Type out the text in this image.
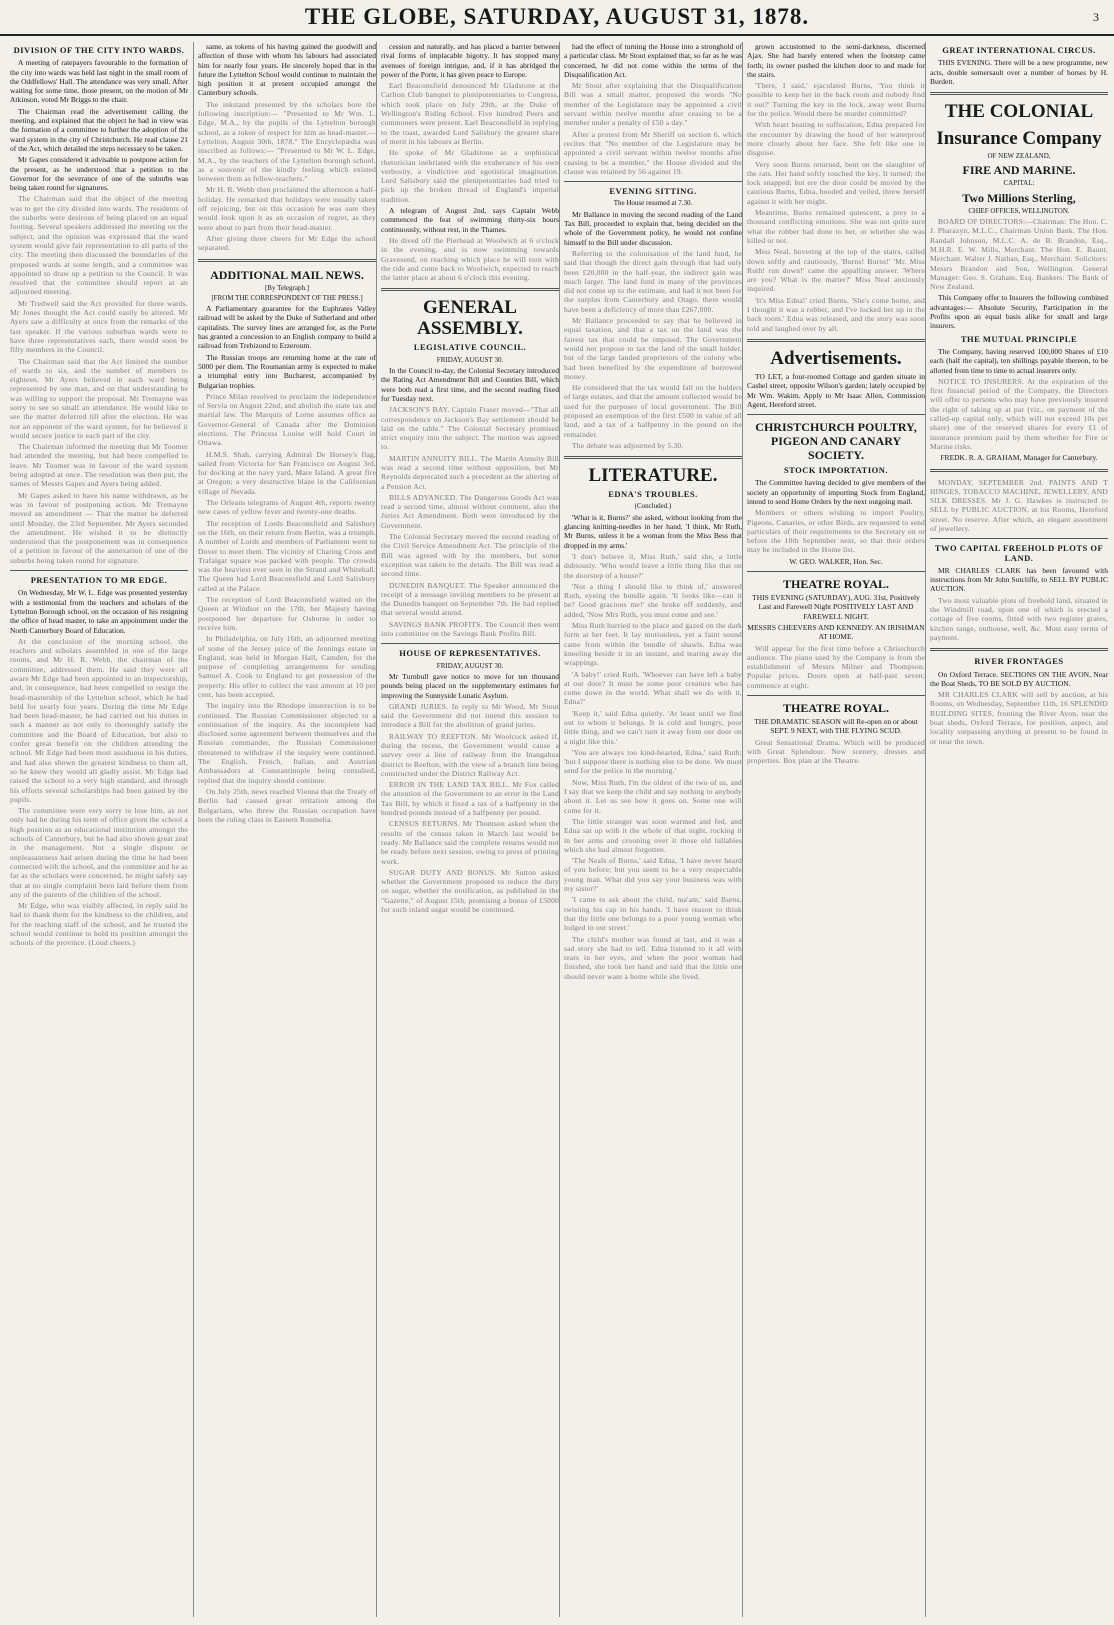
THE GLOBE, SATURDAY, AUGUST 31, 1878.	3
DIVISION OF THE CITY INTO WARDS.

A meeting of ratepayers favourable to the formation of the city into wards was held last night in the small room of the Oddfellows' Hall. The attendance was very small. After waiting for some time, those present, on the motion of Mr Atkinson, voted Mr Briggs to the chair.

The Chairman read the advertisement calling the meeting, and explained that the object he had in view was the formation of a committee to further the adoption of the ward system in the city of Christchurch. He read clause 21 of the Act, which detailed the steps necessary to be taken.

Mr Gapes considered it advisable to postpone action for the present, as he understood that a petition to the Governor for the severance of one of the suburbs was being taken round for signatures.

The Chairman said that the object of the meeting was to get the city divided into wards. The residents of the suburbs were desirous of being placed on an equal footing. Several speakers addressed the meeting on the subject, and the opinion was expressed that the ward system would give fair representation to all parts of the city. The meeting then discussed the boundaries of the proposed wards at some length, and a committee was appointed to draw up a petition to the Council. It was resolved that the committee should report at an adjourned meeting.

Mr Tredwell said the Act provided for three wards. Mr Jones thought the Act could easily be altered. Mr Ayers saw a difficulty at once from the remarks of the last speaker. If the various suburban wards were to have three representatives each, there would soon be fifty members in the Council.

The Chairman said that the Act limited the number of wards to six, and the number of members to eighteen. Mr Ayers believed in each ward being represented by one man, and on that understanding he was willing to support the proposal. Mr Tremayne was sorry to see so small an attendance. He would like to see the matter deferred till after the election. He was not an opponent of the ward system, for he believed it would secure justice to each part of the city.

The Chairman informed the meeting that Mr Toomer had attended the meeting, but had been compelled to leave. Mr Toomer was in favour of the ward system being adopted at once. The resolution was then put, the names of Messrs Gapes and Ayers being added.

Mr Gapes asked to have his name withdrawn, as he was in favour of postponing action. Mr Tremayne moved an amendment — That the matter be deferred until Monday, the 23rd September. Mr Ayers seconded the amendment. He wished it to be distinctly understood that the postponement was in consequence of a petition in favour of the annexation of one of the suburbs being taken round for signature.

PRESENTATION TO MR EDGE.

On Wednesday, Mr W. L. Edge was presented yesterday with a testimonial from the teachers and scholars of the Lyttelton Borough school, on the occasion of his resigning the office of head master, to take an appointment under the North Canterbury Board of Education.

At the conclusion of the morning school, the teachers and scholars assembled in one of the large rooms, and Mr H. R. Webb, the chairman of the committee, addressed them. He said they were all aware Mr Edge had been appointed to an inspectorship, and, in consequence, had been compelled to resign the head-mastership of the Lyttelton school, which he had held for nearly four years. During the time Mr Edge had been head-master, he had carried out his duties in such a manner as not only to thoroughly satisfy the committee and the Board of Education, but also to confer great benefit on the children attending the school. Mr Edge had been most assiduous in his duties, and had also shown the greatest kindness to them all, so he knew they would all gladly assist. Mr Edge had raised the school to a very high standard, and through his efforts several scholarships had been gained by the pupils.

The committee were very sorry to lose him, as not only had he during his term of office given the school a high position as an educational institution amongst the schools of Canterbury, but he had also shown great zeal in the management. Not a single dispute or unpleasantness had arisen during the time he had been connected with the school, and the committee and he as far as the scholars were concerned, he might safely say that at no single complaint been laid before them from any of the parents of the children of the school.

Mr Edge, who was visibly affected, in reply said he had to thank them for the kindness to the children, and for the teaching staff of the school, and he trusted the school would continue to hold its position amongst the schools of the province. (Loud cheers.)

same, as tokens of his having gained the goodwill and affection of those with whom his labours had associated him for nearly four years. He sincerely hoped that in the future the Lyttelton School would continue to maintain the high position it at present occupied amongst the Canterbury schools.

The inkstand presented by the scholars bore the following inscription:— "Presented to Mr Wm. L. Edge, M.A., by the pupils of the Lyttelton borough school, as a token of respect for him as head-master.—Lyttelton, August 30th, 1878." The Encyclopædia was inscribed as follows:— "Presented to Mr W. L. Edge, M.A., by the teachers of the Lyttelton borough school, as a souvenir of the kindly feeling which existed between them as fellow-teachers."

Mr H. R. Webb then proclaimed the afternoon a half-holiday. He remarked that holidays were usually taken off rejoicing, but on this occasion he was sure they would look upon it as an occasion of regret, as they were about to part from their head-master.

After giving three cheers for Mr Edge the school separated.

ADDITIONAL MAIL NEWS.
[By Telegraph.]
[FROM THE CORRESPONDENT OF THE PRESS.]

A Parliamentary guarantee for the Euphrates Valley railroad will be asked by the Duke of Sutherland and other capitalists. The survey lines are arranged for, as the Porte has granted a concession to an English company to build a railroad from Trebizond to Erzeroum.

The Russian troops are returning home at the rate of 5000 per diem. The Roumanian army is expected to make a triumphal entry into Bucharest, accompanied by Bulgarian trophies.

Prince Milan resolved to proclaim the independence of Servia on August 22nd, and abolish the state tax and martial law. The Marquis of Lorne assumes office as Governor-General of Canada after the Dominion elections. The Princess Louise will hold Court in Ottawa.

H.M.S. Shah, carrying Admiral De Horsey's flag, sailed from Victoria for San Francisco on August 3rd, for docking at the navy yard, Mare Island. A great fire at Oregon; a very destructive blaze in the Californian village of Nevada.

The Orleans telegrams of August 4th, reports twenty new cases of yellow fever and twenty-one deaths.

The reception of Lords Beaconsfield and Salisbury on the 16th, on their return from Berlin, was a triumph. A number of Lords and members of Parliament went to Dover to meet them. The vicinity of Charing Cross and Trafalgar square was packed with people. The crowds was the heaviest ever seen in the Strand and Whitehall. The Queen had Lord Beaconsfield and Lord Salisbury called at the Palace.

The reception of Lord Beaconsfield waited on the Queen at Windsor on the 17th, her Majesty having postponed her departure for Osborne in order to receive him.

In Philadelphia, on July 16th, an adjourned meeting of some of the Jersey juice of the Jennings estate in England, was held in Morgan Hall, Camden, for the purpose of completing arrangements for sending Samuel A. Cook to England to get possession of the property. His offer to collect the vast amount at 10 per cent, has been accepted.

The inquiry into the Rhodope insurrection is to be continued. The Russian Commissioner objected to a continuation of the inquiry. As the incomplete had disclosed some agreement between themselves and the Russian commander, the Russian Commissioner threatened to withdraw if the inquiry were continued. The English, French, Italian, and Austrian Ambassadors at Constantinople being consulted, replied that the inquiry should continue.

On July 25th, news reached Vienna that the Treaty of Berlin had caused great irritation among the Bulgarians, who threw the Russian occupation have been the ruling class in Eastern Roumelia.

cession and naturally, and has placed a barrier between rival forms of implacable bigotry. It has stopped many avenues of foreign intrigue, and, if it has abridged the power of the Porte, it has given peace to Europe.

Earl Beaconsfield denounced Mr Gladstone at the Carlton Club banquet to plenipotentiaries to Congress, which took place on July 29th, at the Duke of Wellington's Riding School. Five hundred Peers and commoners were present. Earl Beaconsfield in replying to the toast, awarded Lord Salisbury the greater share of merit in his labours at Berlin.

He spoke of Mr Gladstone as a sophistical rhetorician inebriated with the exuberance of his own verbosity, a vindictive and egotistical imagination. Lord Salisbury said the plenipotentiaries had tried to pick up the broken thread of England's imperial tradition.

A telegram of August 2nd, says Captain Webb commenced the feat of swimming thirty-six hours continuously, without rest, in the Thames.

He dived off the Pierhead at Woolwich at 6 o'clock in the evening, and is now swimming towards Gravesend, on reaching which place he will turn with the tide and come back to Woolwich, expected to reach the latter place at about 6 o'clock this evening.

GENERAL ASSEMBLY.
LEGISLATIVE COUNCIL.
FRIDAY, AUGUST 30.

In the Council to-day, the Colonial Secretary introduced the Rating Act Amendment Bill and Counties Bill, which were both read a first time, and the second reading fixed for Tuesday next.

JACKSON'S BAY. Captain Fraser moved—"That all correspondence on Jackson's Bay settlement should be laid on the table." The Colonial Secretary promised strict enquiry into the subject. The motion was agreed to.

MARTIN ANNUITY BILL. The Martin Annuity Bill was read a second time without opposition, but Mr Reynolds deprecated such a precedent as the altering of a Pension Act.

BILLS ADVANCED. The Dangerous Goods Act was read a second time, almost without comment, also the Juries Act Amendment. Both were introduced by the Government.

The Colonial Secretary moved the second reading of the Civil Service Amendment Act. The principle of the Bill was agreed with by the members, but some exception was taken to the details. The Bill was read a second time.

DUNEDIN BANQUET. The Speaker announced the receipt of a message inviting members to be present at the Dunedin banquet on September 7th. He had replied that several would attend.

SAVINGS BANK PROFITS. The Council then went into committee on the Savings Bank Profits Bill.

HOUSE OF REPRESENTATIVES.
FRIDAY, AUGUST 30.

Mr Turnbull gave notice to move for ten thousand pounds being placed on the supplementary estimates for improving the Sunnyside Lunatic Asylum.

GRAND JURIES. In reply to Mr Wood, Mr Stout said the Government did not intend this session to introduce a Bill for the abolition of grand juries.

RAILWAY TO REEFTON. Mr Woolcock asked if, during the recess, the Government would cause a survey over a line of railway from the Inangahua district to Reefton, with the view of a branch line being constructed under the District Railway Act.

ERROR IN THE LAND TAX BILL. Mr Fox called the attention of the Government to an error in the Land Tax Bill, by which it fixed a tax of a halfpenny in the hundred pounds instead of a halfpenny per pound.

CENSUS RETURNS. Mr Thomson asked when the results of the census taken in March last would be ready. Mr Ballance said the complete returns would not be ready before next session, owing to press of printing work.

SUGAR DUTY AND BONUS. Mr Sutton asked whether the Government proposed to reduce the duty on sugar, whether the notification, as published in the "Gazette," of August 15th, promising a bonus of £5000 for such inland sugar would be continued.

had the effect of turning the House into a stronghold of a particular class. Mr Stout explained that, so far as he was concerned, he did not come within the terms of the Disqualification Act.

Mr Stout after explaining that the Disqualification Bill was a small matter, proposed the words "No member of the Legislature may be appointed a civil servant within twelve months after ceasing to be a member under a penalty of £50 a day."

After a protest from Mr Sheriff on section 6, which recites that "No member of the Legislature may be appointed a civil servant within twelve months after ceasing to be a member," the House divided and the clause was retained by 56 against 19.

EVENING SITTING.
The House resumed at 7.30.

Mr Ballance in moving the second reading of the Land Tax Bill, proceeded to explain that, being decided on the whole of the Government policy, he would not confine himself to the Bill under discussion.

Referring to the colonisation of the land fund, he said that though the direct gain through that had only been £20,000 in the half-year, the indirect gain was much larger. The land fund in many of the provinces did not come up to the estimate, and had it not been for the surplus from Canterbury and Otago, there would have been a deficiency of more than £267,000.

Mr Ballance proceeded to say that he believed in equal taxation, and that a tax on the land was the fairest tax that could be imposed. The Government would not propose to tax the land of the small holder, but of the large landed proprietors of the colony who had been benefited by the expenditure of borrowed money.

He considered that the tax would fall on the holders of large estates, and that the amount collected would be used for the purposes of local government. The Bill proposed an exemption of the first £500 in value of all land, and a tax of a halfpenny in the pound on the remainder.

The debate was adjourned by 5.30.

LITERATURE.
EDNA'S TROUBLES.
(Concluded.)

'What is it, Burns?' she asked, without looking from the glancing knitting-needles in her hand. 'I think, Mr Ruth, Mr Burns, unless it be a woman from the Miss Bess that dropped in my arms.'

'I don't believe it, Miss Ruth,' said she, a little dubiously. 'Who would leave a little thing like that on the doorstep of a house?'

'Not a thing I should like to think of,' answered Ruth, eyeing the bundle again. 'It looks like—can it be? Good gracious me!' she broke off suddenly, and added, 'Now Mrs Ruth, you must come and see.'

Miss Ruth hurried to the place and gazed on the dark form at her feet. It lay motionless, yet a faint sound came from within the bundle of shawls. Edna was kneeling beside it in an instant, and tearing away the wrappings.

'A baby!' cried Ruth. 'Whoever can have left a baby at our door? It must be some poor creature who has come down in the world. What shall we do with it, Edna?'

'Keep it,' said Edna quietly. 'At least until we find out to whom it belongs. It is cold and hungry, poor little thing, and we can't turn it away from our door on a night like this.'

'You are always too kind-hearted, Edna,' said Ruth; 'but I suppose there is nothing else to be done. We must send for the police in the morning.'

Now, Miss Ruth, I'm the oldest of the two of us, and I say that we keep the child and say nothing to anybody about it. Let us see how it goes on. Some one will come for it.

The little stranger was soon warmed and fed, and Edna sat up with it the whole of that night, rocking it in her arms and crooning over it those old lullabies which she had almost forgotten.

'The Neals of Burns,' said Edna, 'I have never heard of you before; but you seem to be a very respectable young man. What did you say your business was with my sister?'

'I came to ask about the child, ma'am,' said Burns, twisting his cap in his hands. 'I have reason to think that the little one belongs to a poor young woman who lodged in our street.'

The child's mother was found at last, and it was a sad story she had to tell. Edna listened to it all with tears in her eyes, and when the poor woman had finished, she took her hand and said that the little one should never want a home while she lived.

grown accustomed to the semi-darkness, discerned Ajax. She had barely entered when the footstep came forth; its owner pushed the kitchen door to and made for the stairs.

'There, I said,' ejaculated Burns, 'You think it possible to keep her in the back room and nobody find it out?' Turning the key in the lock, away went Burns for the police. Would there be murder committed?

With heart beating to suffocation, Edna prepared for the encounter by drawing the hood of her waterproof more closely about her face. She felt like one in disguise.

Very soon Burns returned, bent on the slaughter of the rats. Her hand softly touched the key. It turned; the lock snapped; but ere the door could be moved by the cautious Burns, Edna, hooded and veiled, threw herself against it with her might.

Meantime, Burns remained quiescent, a prey to a thousand conflicting emotions. She was not quite sure what the robber had done to her, or whether she was killed or not.

Miss Neal, hovering at the top of the stairs, called down softly and cautiously, 'Burns! Burns!' 'Mr. Miss Ruth! run down!' came the appalling answer. 'Where are you? What is the matter?' Miss Neal anxiously inquired.

'It's Miss Edna!' cried Burns. 'She's come home, and I thought it was a robber, and I've locked her up in the back room.' Edna was released, and the story was soon told and laughed over by all.

Advertisements.

TO LET, a four-roomed Cottage and garden situate in Cashel street, opposite Wilson's garden; lately occupied by Mr Wm. Wakim. Apply to Mr Isaac Allen, Commission Agent, Hereford street.

CHRISTCHURCH POULTRY, PIGEON AND CANARY SOCIETY.
STOCK IMPORTATION.

The Committee having decided to give members of the society an opportunity of importing Stock from England, intend to send Home Orders by the next outgoing mail.

Members or others wishing to import Poultry, Pigeons, Canaries, or other Birds, are requested to send particulars of their requirements to the Secretary on or before the 10th September next, so that their orders may be included in the Home list.

W. GEO. WALKER, Hon. Sec.
THEATRE ROYAL.
THIS EVENING (SATURDAY), AUG. 31st, Positively Last and Farewell Night POSITIVELY LAST AND FAREWELL NIGHT.
MESSRS CHEEVERS AND KENNEDY. AN IRISHMAN AT HOME.

Will appear for the first time before a Christchurch audience. The piano used by the Company is from the establishment of Messrs Milner and Thompson. Popular prices. Doors open at half-past seven; commence at eight.

THEATRE ROYAL.
THE DRAMATIC SEASON will Re-open on or about SEPT. 9 NEXT, with THE FLYING SCUD.

Great Sensational Drama. Which will be produced with Great Splendour. New scenery, dresses and properties. Box plan at the Theatre.

GREAT INTERNATIONAL CIRCUS.

THIS EVENING. There will be a new programme, new acts, double somersault over a number of horses by H. Burdett.

THE COLONIAL
Insurance Company
OF NEW ZEALAND,
FIRE AND MARINE.
CAPITAL:
Two Millions Sterling,
CHIEF OFFICES, WELLINGTON.

BOARD OF DIRECTORS:—Chairman: The Hon. C. J. Pharazyn, M.L.C., Chairman Union Bank. The Hon. Randall Johnson, M.L.C. A. de B. Brandon, Esq., M.H.R. E. W. Mills, Merchant. The Hon. E. Baunt, Merchant. Walter J. Nathan, Esq., Merchant. Solicitors: Messrs Brandon and Son, Wellington. General Manager: Geo. S. Graham, Esq. Bankers: The Bank of New Zealand.

This Company offer to Insurers the following combined advantages:— Absolute Security, Participation in the Profits upon an equal basis alike for small and large insurers.

THE MUTUAL PRINCIPLE

The Company, having reserved 100,000 Shares of £10 each (half the capital), ten shillings payable thereon, to be allotted from time to time to actual insurers only.

NOTICE TO INSURERS. At the expiration of the first financial period of the Company, the Directors will offer to persons who may have previously insured the right of taking up at par (viz., on payment of the called-up capital only, which will not exceed 10s per share) one of the reserved shares for every £1 of insurance premium paid by them whether for Fire or Marine risks.

FREDK. R. A. GRAHAM, Manager for Canterbury.

MONDAY, SEPTEMBER 2nd. PAINTS AND T HINGES, TOBACCO MACHINE, JEWELLERY, AND SILK DRESSES. Mr J. G. Hawkes is instructed to SELL by PUBLIC AUCTION, at his Rooms, Hereford street. No reserve. After which, an elegant assortment of jewellery.

TWO CAPITAL FREEHOLD PLOTS OF LAND.

MR CHARLES CLARK has been favoured with instructions from Mr John Sutcliffe, to SELL BY PUBLIC AUCTION.

Two most valuable plots of freehold land, situated in the Windmill road, upon one of which is erected a cottage of five rooms, fitted with two register grates, kitchen range, outhouse, well, &c. Most easy terms of payment.

RIVER FRONTAGES

On Oxford Terrace. SECTIONS ON THE AVON, Near the Boat Sheds, TO BE SOLD BY AUCTION.

MR CHARLES CLARK will sell by auction, at his Rooms, on Wednesday, September 11th, 16 SPLENDID BUILDING SITES, fronting the River Avon, near the boat sheds, Oxford Terrace, for position, aspect, and locality surpassing anything at present to be found in or near the town.
